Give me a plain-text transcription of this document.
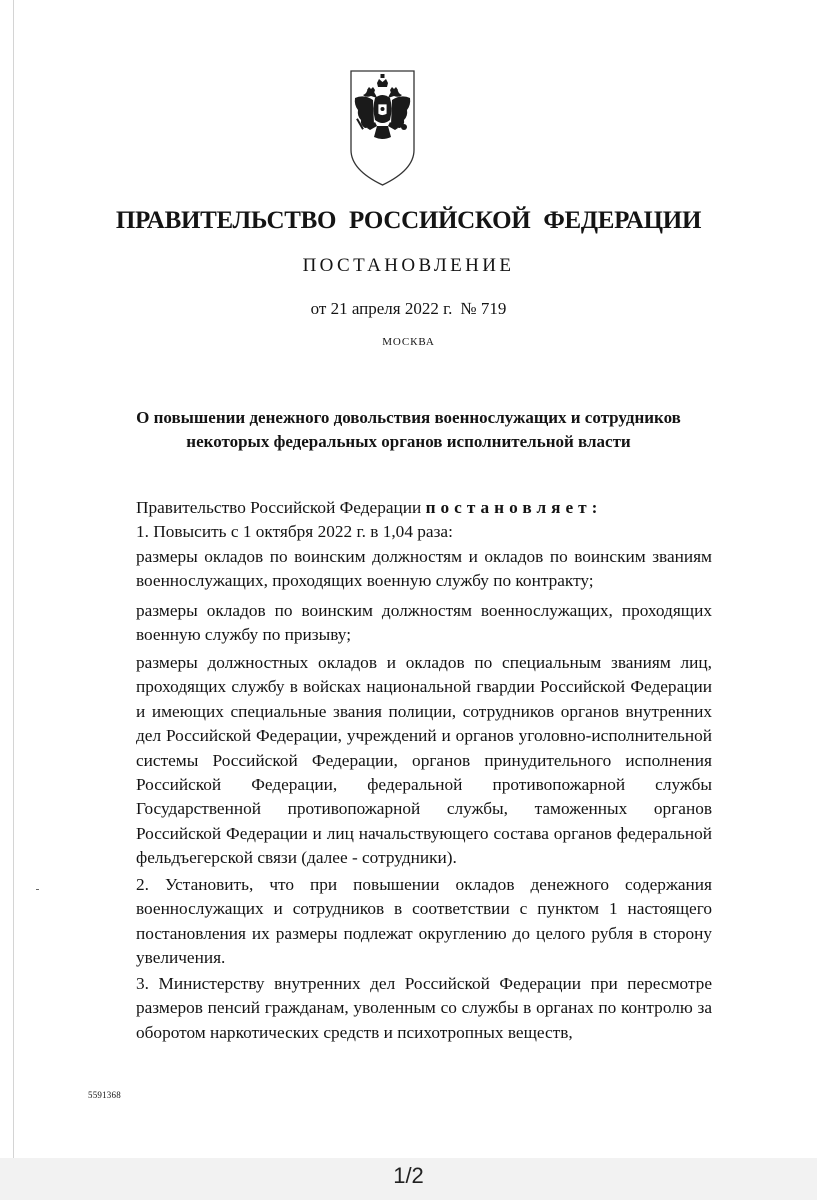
ПРАВИТЕЛЬСТВО РОССИЙСКОЙ ФЕДЕРАЦИИ
ПОСТАНОВЛЕНИЕ
от 21 апреля 2022 г. № 719
МОСКВА
О повышении денежного довольствия военнослужащих и сотрудников
некоторых федеральных органов исполнительной власти
Правительство Российской Федерации постановляет:
1. Повысить с 1 октября 2022 г. в 1,04 раза:
размеры окладов по воинским должностям и окладов по воинским званиям военнослужащих, проходящих военную службу по контракту;
размеры окладов по воинским должностям военнослужащих, проходящих военную службу по призыву;
размеры должностных окладов и окладов по специальным званиям лиц, проходящих службу в войсках национальной гвардии Российской Федерации и имеющих специальные звания полиции, сотрудников органов внутренних дел Российской Федерации, учреждений и органов уголовно-исполнительной системы Российской Федерации, органов принудительного исполнения Российской Федерации, федеральной противопожарной службы Государственной противопожарной службы, таможенных органов Российской Федерации и лиц начальствующего состава органов федеральной фельдъегерской связи (далее - сотрудники).
2. Установить, что при повышении окладов денежного содержания военнослужащих и сотрудников в соответствии с пунктом 1 настоящего постановления их размеры подлежат округлению до целого рубля в сторону увеличения.
3. Министерству внутренних дел Российской Федерации при пересмотре размеров пенсий гражданам, уволенным со службы в органах по контролю за оборотом наркотических средств и психотропных веществ,
5591368
1/2
